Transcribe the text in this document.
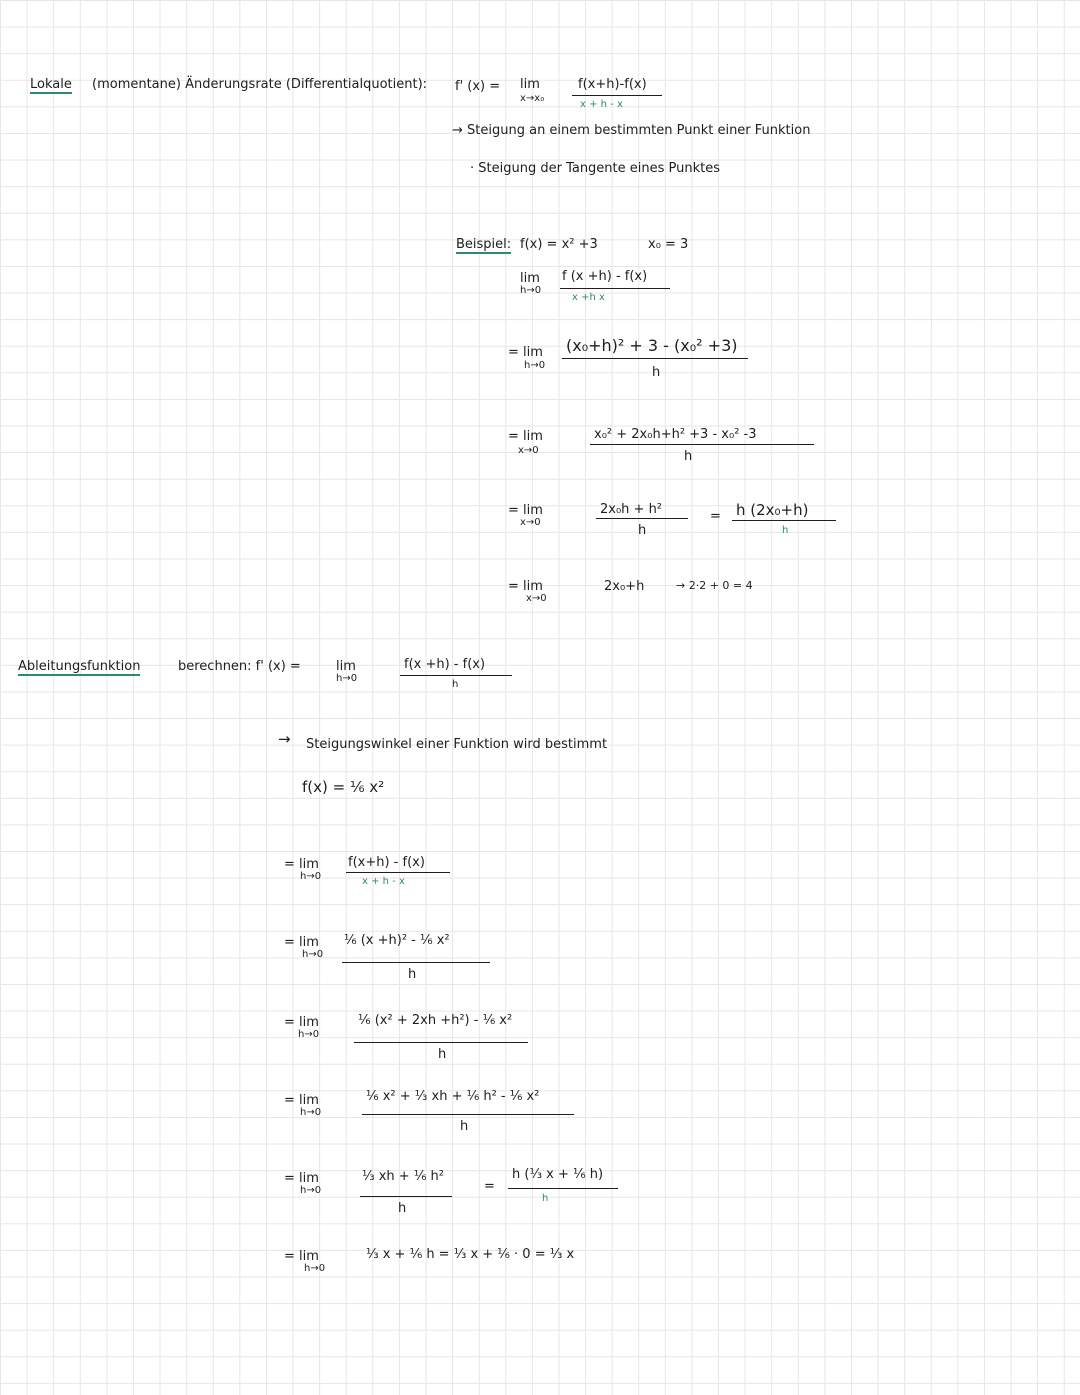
Lokale (momentane) Änderungsrate (Differentialquotient): f' (x) = lim
x→x₀
f(x+h)-f(x)
x + h - x
→ Steigung an einem bestimmten Punkt einer Funktion
· Steigung der Tangente eines Punktes
Beispiel: f(x) = x² +3	x₀ = 3
lim
h→0
f (x +h) - f(x)
x +h x
= lim
h→0
(x₀+h)² + 3 - (x₀² +3)
h
= lim
x→0
x₀² + 2x₀h+h² +3 - x₀² -3
h
= lim
x→0
2x₀h + h²
h
= h (2x₀+h)
h
= lim
x→0
2x₀+h	→ 2·2 + 0 = 4
Ableitungsfunktion	berechnen: f' (x) =	lim
h→0
f(x +h) - f(x)
h
→ Steigungswinkel einer Funktion wird bestimmt
f(x) = ⅙ x²
= lim
h→0
f(x+h) - f(x)
x + h - x
= lim
h→0
⅙ (x +h)² - ⅙ x²
h
= lim
h→0
⅙ (x² + 2xh +h²) - ⅙ x²
h
= lim
h→0
⅙ x² + ⅓ xh + ⅙ h² - ⅙ x²
h
= lim
h→0
⅓ xh + ⅙ h²
h
=
h (⅓ x + ⅙ h)
h
= lim
h→0
⅓ x + ⅙ h = ⅓ x + ⅙ · 0 = ⅓ x
